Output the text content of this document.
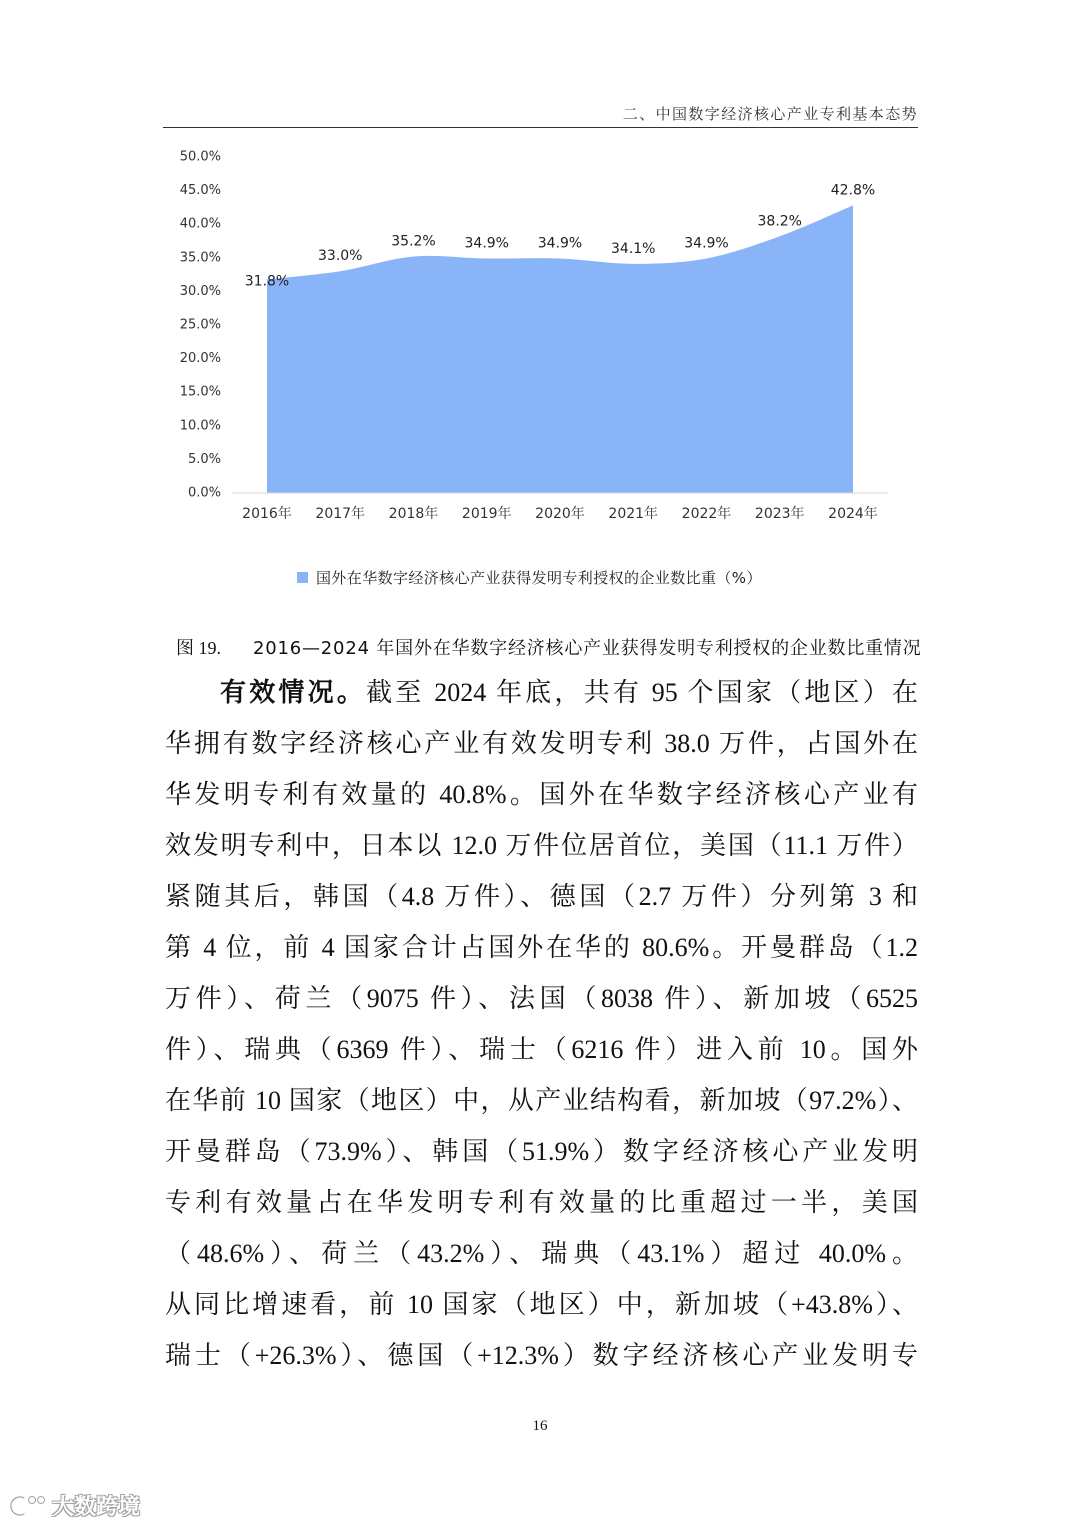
二、中国数字经济核心产业专利基本态势
0.0%
5.0%
10.0%
15.0%
20.0%
25.0%
30.0%
35.0%
40.0%
45.0%
50.0%
2016年 2017年 2018年 2019年 2020年 2021年 2022年 2023年 2024年
31.8%
33.0%
35.2% 34.9% 34.9% 34.1% 34.9%
38.2%
42.8%
国外在华数字经济核心产业获得发明专利授权的企业数比重（%）
图 19. 2016—2024 年国外在华数字经济核心产业获得发明专利授权的企业数比重情况
有效情况。截至 2024 年底，共有 95 个国家（地区）在
华拥有数字经济核心产业有效发明专利 38.0 万件，占国外在
华发明专利有效量的 40.8%。国外在华数字经济核心产业有
效发明专利中，日本以 12.0 万件位居首位，美国（11.1 万件）
紧随其后，韩国（4.8 万件）、德国（2.7 万件）分列第 3 和
第 4 位，前 4 国家合计占国外在华的 80.6%。开曼群岛（1.2
万件）、荷兰（9075 件）、法国（8038 件）、新加坡（6525
件）、瑞典（6369 件）、瑞士（6216 件）进入前 10。国外
在华前 10 国家（地区）中，从产业结构看，新加坡（97.2%）、
开曼群岛（73.9%）、韩国（51.9%）数字经济核心产业发明
专利有效量占在华发明专利有效量的比重超过一半，美国
（48.6%）、荷兰（43.2%）、瑞典（43.1%）超过 40.0%。
从同比增速看，前 10 国家（地区）中，新加坡（+43.8%）、
瑞士（+26.3%）、德国（+12.3%）数字经济核心产业发明专
16
大数跨境
